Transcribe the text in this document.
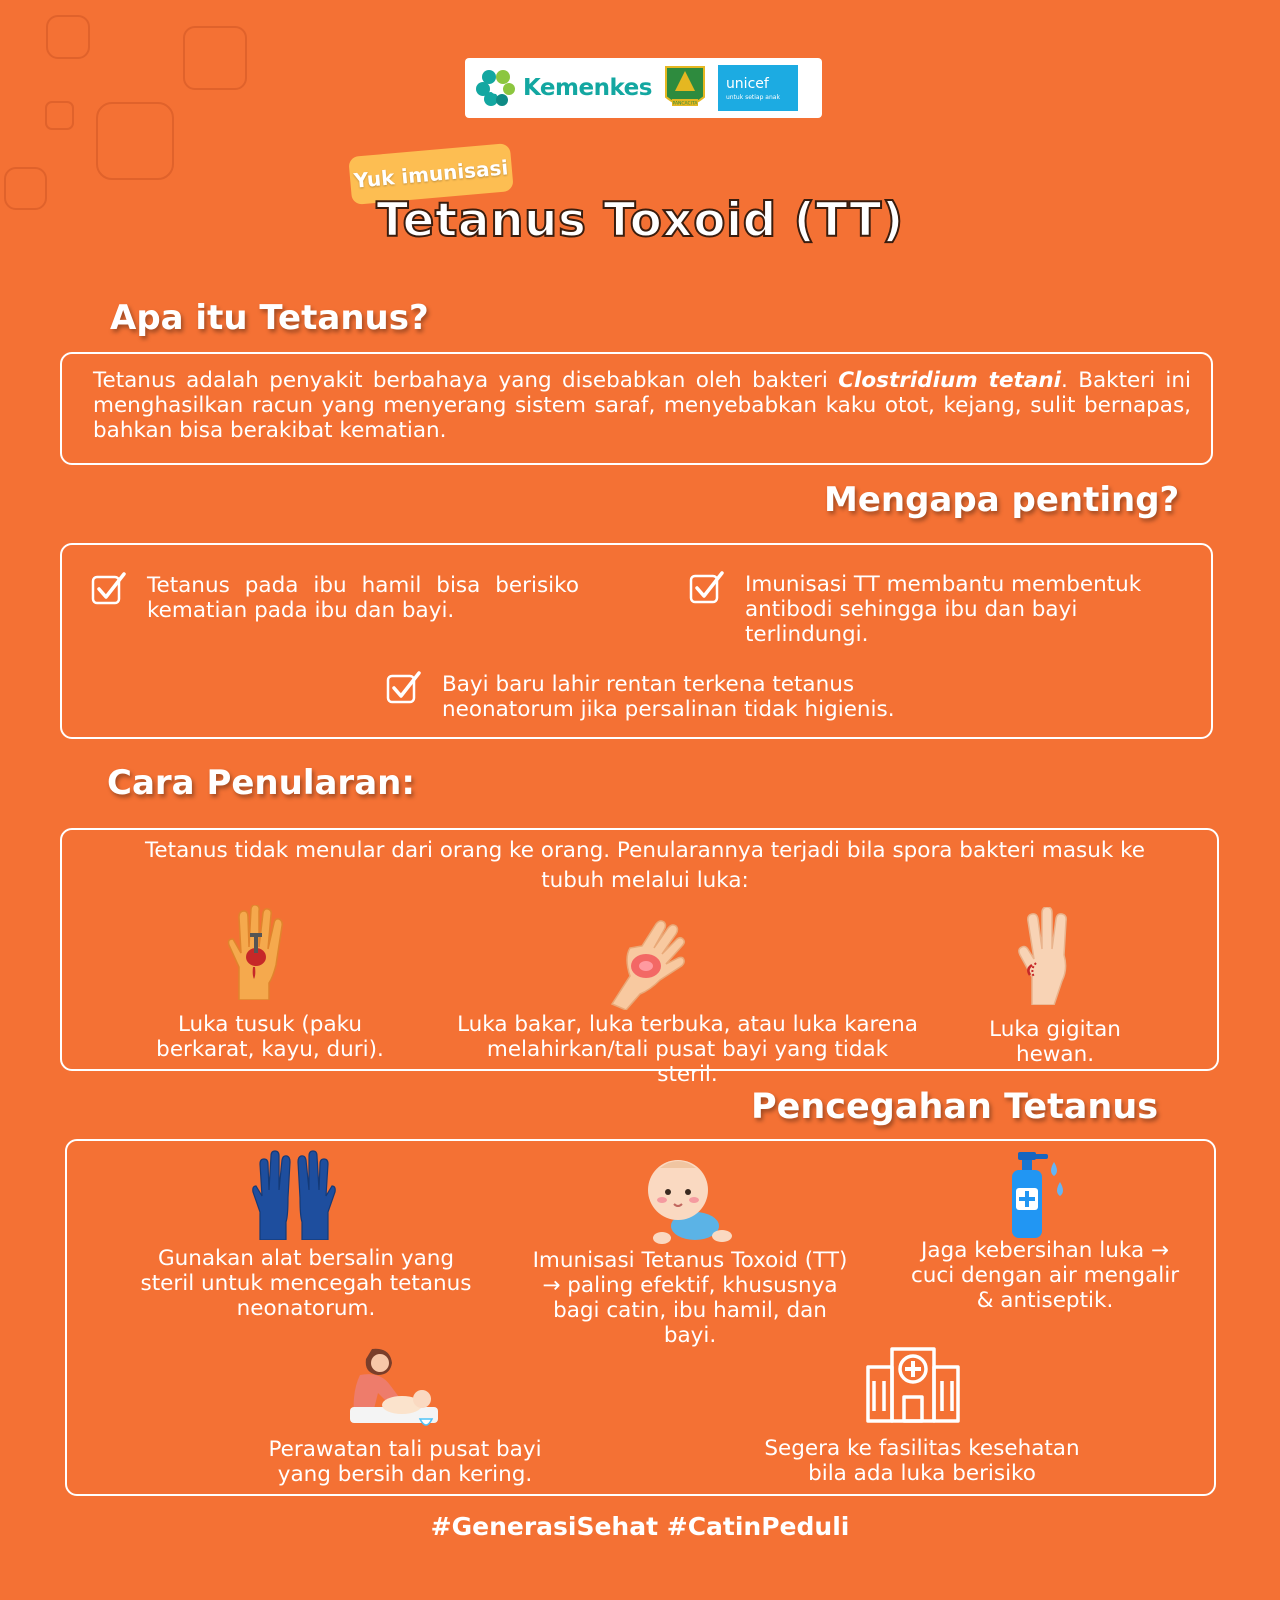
Kemenkes
PANCACITA
unicef
untuk setiap anak
Yuk imunisasi
Tetanus Toxoid (TT)
Apa itu Tetanus?
Tetanus adalah penyakit berbahaya yang disebabkan oleh bakteri Clostridium tetani. Bakteri ini menghasilkan racun yang menyerang sistem saraf, menyebabkan kaku otot, kejang, sulit bernapas, bahkan bisa berakibat kematian.
Mengapa penting?
Tetanus pada ibu hamil bisa berisiko kematian pada ibu dan bayi.
Imunisasi TT membantu membentuk antibodi sehingga ibu dan bayi terlindungi.
Bayi baru lahir rentan terkena tetanus neonatorum jika persalinan tidak higienis.
Cara Penularan:
Tetanus tidak menular dari orang ke orang. Penularannya terjadi bila spora bakteri masuk ke tubuh melalui luka:
Luka tusuk (paku berkarat, kayu, duri).
Luka bakar, luka terbuka, atau luka karena melahirkan/tali pusat bayi yang tidak steril.
Luka gigitan hewan.
Pencegahan Tetanus
Gunakan alat bersalin yang steril untuk mencegah tetanus neonatorum.
Imunisasi Tetanus Toxoid (TT) → paling efektif, khususnya bagi catin, ibu hamil, dan bayi.
Jaga kebersihan luka → cuci dengan air mengalir & antiseptik.
Perawatan tali pusat bayi yang bersih dan kering.
Segera ke fasilitas kesehatan bila ada luka berisiko
#GenerasiSehat #CatinPeduli
